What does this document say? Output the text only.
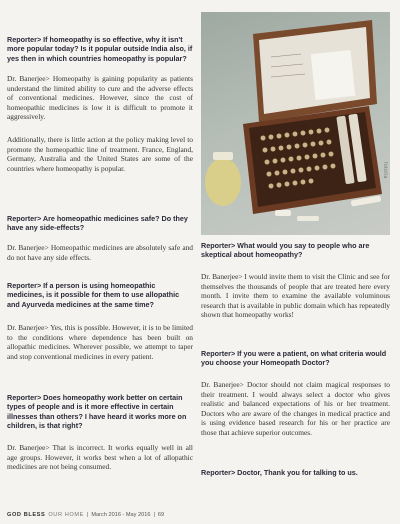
Reporter> If homeopathy is so effective, why it isn't more popular today? Is it popular outside India also, if yes then in which countries homeopathy is popular?

Dr. Banerjee> Homeopathy is gaining popularity as patients understand the limited ability to cure and the adverse effects of conventional medicines. However, since the cost of homeopathic medicines is low it is difficult to promote it aggressively.

Additionally, there is little action at the policy making level to promote the homeopathic line of treatment. France, England, Germany, Australia and the United States are some of the countries where homeopathy is popular.

Reporter> Are homeopathic medicines safe? Do they have any side-effects?

Dr. Banerjee> Homeopathic medicines are absolutely safe and do not have any side effects.

Reporter> If a person is using homeopathic medicines, is it possible for them to use allopathic and Ayurveda medicines at the same time?

Dr. Banerjee> Yes, this is possible. However, it is to be limited to the conditions where dependence has been built on allopathic medicines. Wherever possible, we attempt to taper and stop conventional medicines in every patient.

Reporter> Does homeopathy work better on certain types of people and is it more effective in certain illnesses than others? I have heard it works more on children, is that right?

Dr. Banerjee> That is incorrect. It works equally well in all age groups. However, it works best when a lot of allopathic medicines are not being consumed.

fotolia

Reporter> What would you say to people who are skeptical about homeopathy?

Dr. Banerjee> I would invite them to visit the Clinic and see for themselves the thousands of people that are treated here every month. I invite them to examine the available voluminous research that is available in public domain which has repeatedly shown that homeopathy works!

Reporter> If you were a patient, on what criteria would you choose your Homeopath Doctor?

Dr. Banerjee> Doctor should not claim magical responses to their treatment. I would always select a doctor who gives realistic and balanced expectations of his or her treatment. Doctors who are aware of the changes in medical practice and is using evidence based research for his or her practice are those that achieve superior outcomes.

Reporter> Doctor, Thank you for talking to us.

GOD BLESS OUR HOME | March 2016 - May 2016 | 69
